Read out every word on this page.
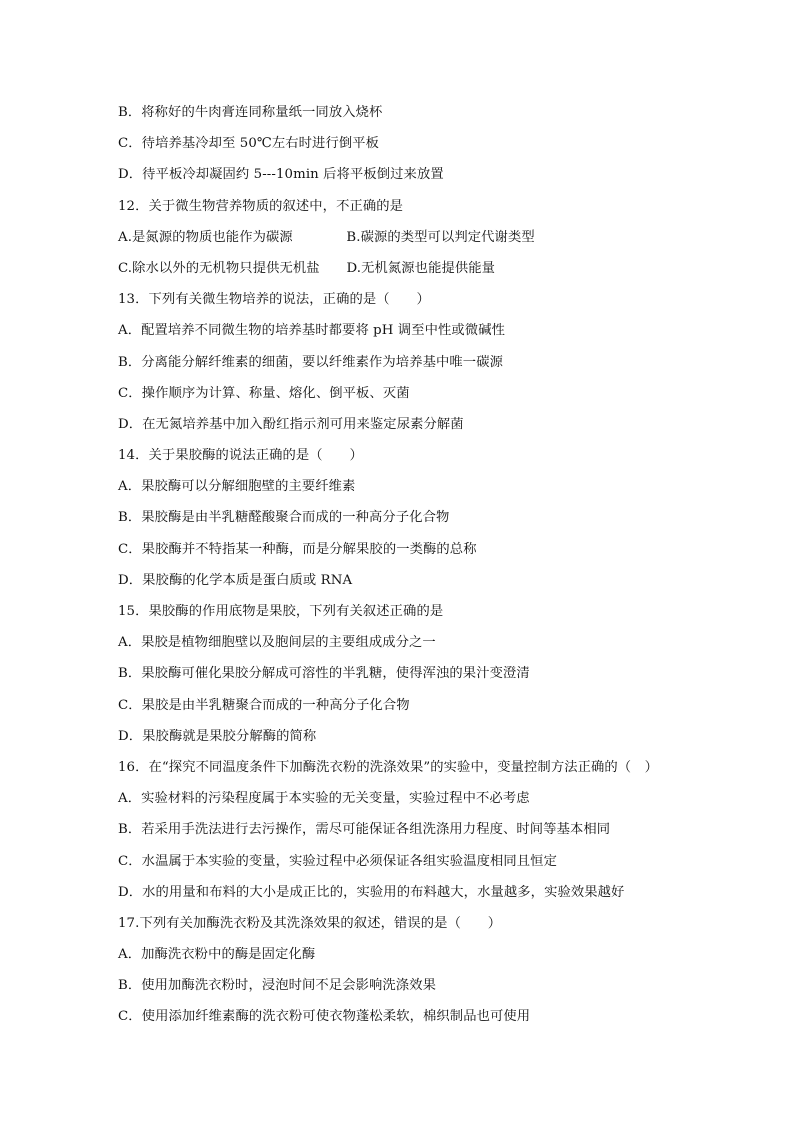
B．将称好的牛肉膏连同称量纸一同放入烧杯
C．待培养基冷却至 50℃左右时进行倒平板
D．待平板冷却凝固约 5---10min 后将平板倒过来放置
12．关于微生物营养物质的叙述中，不正确的是
A.是氮源的物质也能作为碳源　　　　B.碳源的类型可以判定代谢类型
C.除水以外的无机物只提供无机盐　　D.无机氮源也能提供能量
13．下列有关微生物培养的说法，正确的是（　　）
A．配置培养不同微生物的培养基时都要将 pH 调至中性或微碱性
B．分离能分解纤维素的细菌，要以纤维素作为培养基中唯一碳源
C．操作顺序为计算、称量、熔化、倒平板、灭菌
D．在无氮培养基中加入酚红指示剂可用来鉴定尿素分解菌
14．关于果胶酶的说法正确的是（　　）
A．果胶酶可以分解细胞壁的主要纤维素
B．果胶酶是由半乳糖醛酸聚合而成的一种高分子化合物
C．果胶酶并不特指某一种酶，而是分解果胶的一类酶的总称
D．果胶酶的化学本质是蛋白质或 RNA
15．果胶酶的作用底物是果胶，下列有关叙述正确的是
A．果胶是植物细胞壁以及胞间层的主要组成成分之一
B．果胶酶可催化果胶分解成可溶性的半乳糖，使得浑浊的果汁变澄清
C．果胶是由半乳糖聚合而成的一种高分子化合物
D．果胶酶就是果胶分解酶的简称
16．在“探究不同温度条件下加酶洗衣粉的洗涤效果”的实验中，变量控制方法正确的（　）
A．实验材料的污染程度属于本实验的无关变量，实验过程中不必考虑
B．若采用手洗法进行去污操作，需尽可能保证各组洗涤用力程度、时间等基本相同
C．水温属于本实验的变量，实验过程中必须保证各组实验温度相同且恒定
D．水的用量和布料的大小是成正比的，实验用的布料越大，水量越多，实验效果越好
17.下列有关加酶洗衣粉及其洗涤效果的叙述，错误的是（　　）
A．加酶洗衣粉中的酶是固定化酶
B．使用加酶洗衣粉时，浸泡时间不足会影响洗涤效果
C．使用添加纤维素酶的洗衣粉可使衣物蓬松柔软，棉织制品也可使用
